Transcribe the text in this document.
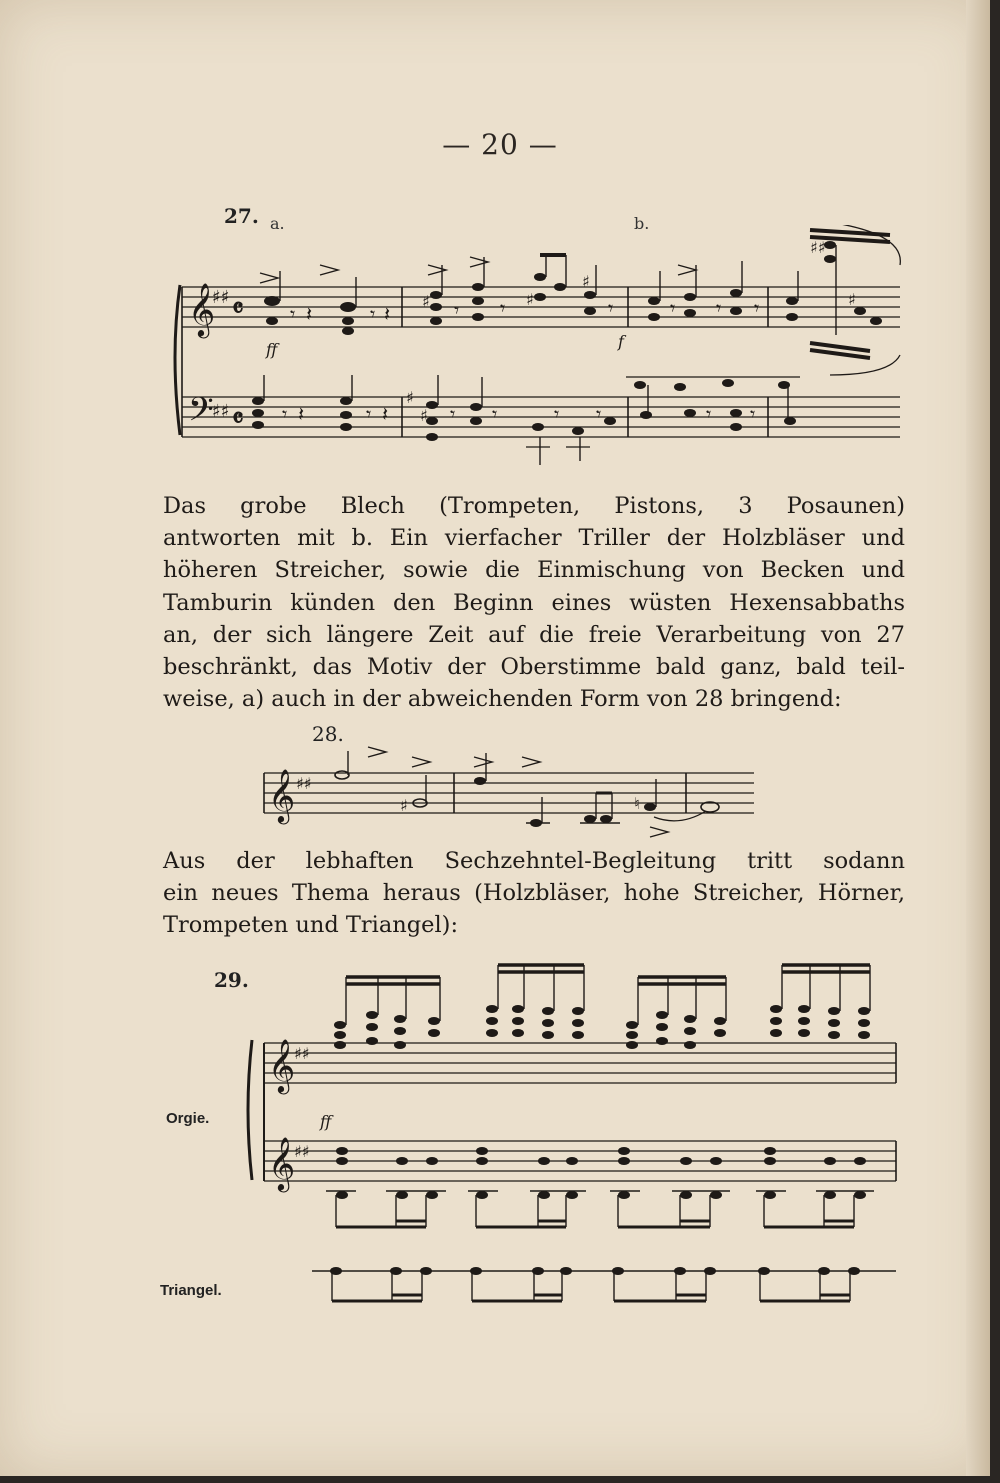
— 20 —
27. a.	b.
𝄞
𝄢
♯♯
♯♯
𝄴
𝄴
𝄾 𝄽	𝄾 𝄽	𝄾 𝄾	𝄾	𝄾 𝄾 𝄾
𝄾 𝄽	𝄾 𝄽	𝄾 𝄾	𝄾 𝄾	𝄾 𝄾
ff	f
♯	♯
♯
♯♯
♯
♯
♯
Das grobe Blech (Trompeten, Pistons, 3 Posaunen)
antworten mit b. Ein vierfacher Triller der Holzbläser und
höheren Streicher, sowie die Einmischung von Becken und
Tamburin künden den Beginn eines wüsten Hexensabbaths
an, der sich längere Zeit auf die freie Verarbeitung von 27
beschränkt, das Motiv der Oberstimme bald ganz, bald teil-
weise, a) auch in der abweichenden Form von 28 bringend:
28.
𝄞 ♯♯
♯	♮
Aus der lebhaften Sechzehntel-Begleitung tritt sodann
ein neues Thema heraus (Holzbläser, hohe Streicher, Hörner,
Trompeten und Triangel):
29.
Orgie.
Triangel.
𝄞
𝄞
♯♯
♯♯
ff
